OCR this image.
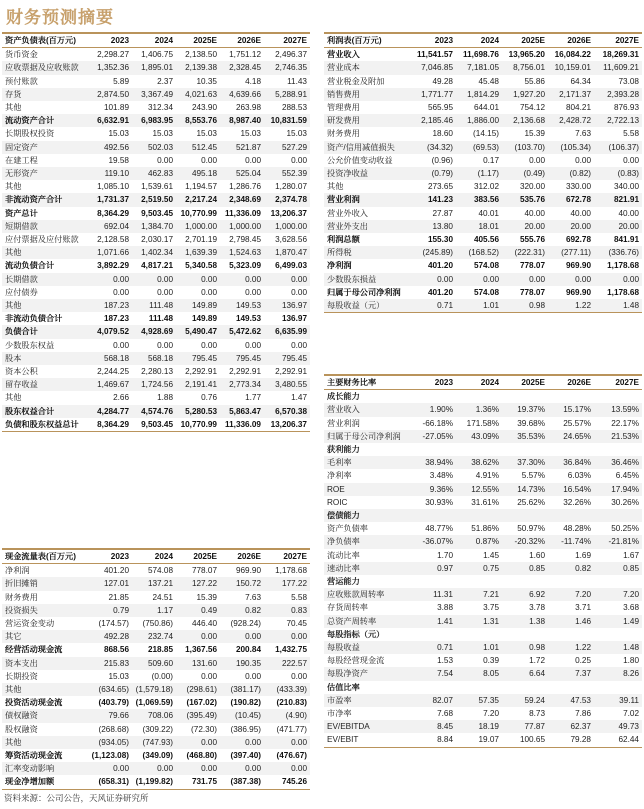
财务预测摘要
资产负债表(百万元)	2023	2024	2025E	2026E	2027E
货币资金	2,298.27	1,406.75	2,138.50	1,751.12	2,496.37
应收票据及应收账款	1,352.36	1,895.01	2,139.38	2,328.45	2,746.35
预付账款	5.89	2.37	10.35	4.18	11.43
存货	2,874.50	3,367.49	4,021.63	4,639.66	5,288.91
其他	101.89	312.34	243.90	263.98	288.53
流动资产合计	6,632.91	6,983.95	8,553.76	8,987.40	10,831.59
长期股权投资	15.03	15.03	15.03	15.03	15.03
固定资产	492.56	502.03	512.45	521.87	527.29
在建工程	19.58	0.00	0.00	0.00	0.00
无形资产	119.10	462.83	495.18	525.04	552.39
其他	1,085.10	1,539.61	1,194.57	1,286.76	1,280.07
非流动资产合计	1,731.37	2,519.50	2,217.24	2,348.69	2,374.78
资产总计	8,364.29	9,503.45	10,770.99	11,336.09	13,206.37
短期借款	692.04	1,384.70	1,000.00	1,000.00	1,000.00
应付票据及应付账款	2,128.58	2,030.17	2,701.19	2,798.45	3,628.56
其他	1,071.66	1,402.34	1,639.39	1,524.63	1,870.47
流动负债合计	3,892.29	4,817.21	5,340.58	5,323.09	6,499.03
长期借款	0.00	0.00	0.00	0.00	0.00
应付债券	0.00	0.00	0.00	0.00	0.00
其他	187.23	111.48	149.89	149.53	136.97
非流动负债合计	187.23	111.48	149.89	149.53	136.97
负债合计	4,079.52	4,928.69	5,490.47	5,472.62	6,635.99
少数股东权益	0.00	0.00	0.00	0.00	0.00
股本	568.18	568.18	795.45	795.45	795.45
资本公积	2,244.25	2,280.13	2,292.91	2,292.91	2,292.91
留存收益	1,469.67	1,724.56	2,191.41	2,773.34	3,480.55
其他	2.66	1.88	0.76	1.77	1.47
股东权益合计	4,284.77	4,574.76	5,280.53	5,863.47	6,570.38
负债和股东权益总计	8,364.29	9,503.45	10,770.99	11,336.09	13,206.37
利润表(百万元)	2023	2024	2025E	2026E	2027E
营业收入	11,541.57	11,698.76	13,965.20	16,084.22	18,269.31
营业成本	7,046.85	7,181.05	8,756.01	10,159.01	11,609.21
营业税金及附加	49.28	45.48	55.86	64.34	73.08
销售费用	1,771.77	1,814.29	1,927.20	2,171.37	2,393.28
管理费用	565.95	644.01	754.12	804.21	876.93
研发费用	2,185.46	1,886.00	2,136.68	2,428.72	2,722.13
财务费用	18.60	(14.15)	15.39	7.63	5.58
资产/信用减值损失	(34.32)	(69.53)	(103.70)	(105.34)	(106.37)
公允价值变动收益	(0.96)	0.17	0.00	0.00	0.00
投资净收益	(0.79)	(1.17)	(0.49)	(0.82)	(0.83)
其他	273.65	312.02	320.00	330.00	340.00
营业利润	141.23	383.56	535.76	672.78	821.91
营业外收入	27.87	40.01	40.00	40.00	40.00
营业外支出	13.80	18.01	20.00	20.00	20.00
利润总额	155.30	405.56	555.76	692.78	841.91
所得税	(245.89)	(168.52)	(222.31)	(277.11)	(336.76)
净利润	401.20	574.08	778.07	969.90	1,178.68
少数股东损益	0.00	0.00	0.00	0.00	0.00
归属于母公司净利润	401.20	574.08	778.07	969.90	1,178.68
每股收益（元）	0.71	1.01	0.98	1.22	1.48
主要财务比率	2023	2024	2025E	2026E	2027E
成长能力					
营业收入	1.90%	1.36%	19.37%	15.17%	13.59%
营业利润	-66.18%	171.58%	39.68%	25.57%	22.17%
归属于母公司净利润	-27.05%	43.09%	35.53%	24.65%	21.53%
获利能力					
毛利率	38.94%	38.62%	37.30%	36.84%	36.46%
净利率	3.48%	4.91%	5.57%	6.03%	6.45%
ROE	9.36%	12.55%	14.73%	16.54%	17.94%
ROIC	30.93%	31.61%	25.62%	32.26%	30.26%
偿债能力					
资产负债率	48.77%	51.86%	50.97%	48.28%	50.25%
净负债率	-36.07%	0.87%	-20.32%	-11.74%	-21.81%
流动比率	1.70	1.45	1.60	1.69	1.67
速动比率	0.97	0.75	0.85	0.82	0.85
营运能力					
应收账款周转率	11.31	7.21	6.92	7.20	7.20
存货周转率	3.88	3.75	3.78	3.71	3.68
总资产周转率	1.41	1.31	1.38	1.46	1.49
每股指标（元）					
每股收益	0.71	1.01	0.98	1.22	1.48
每股经营现金流	1.53	0.39	1.72	0.25	1.80
每股净资产	7.54	8.05	6.64	7.37	8.26
估值比率					
市盈率	82.07	57.35	59.24	47.53	39.11
市净率	7.68	7.20	8.73	7.86	7.02
EV/EBITDA	8.45	18.19	77.87	62.37	49.73
EV/EBIT	8.84	19.07	100.65	79.28	62.44
现金流量表(百万元)	2023	2024	2025E	2026E	2027E
净利润	401.20	574.08	778.07	969.90	1,178.68
折旧摊销	127.01	137.21	127.22	150.72	177.22
财务费用	21.85	24.51	15.39	7.63	5.58
投资损失	0.79	1.17	0.49	0.82	0.83
营运资金变动	(174.57)	(750.86)	446.40	(928.24)	70.45
其它	492.28	232.74	0.00	0.00	0.00
经营活动现金流	868.56	218.85	1,367.56	200.84	1,432.75
资本支出	215.83	509.60	131.60	190.35	222.57
长期投资	15.03	(0.00)	0.00	0.00	0.00
其他	(634.65)	(1,579.18)	(298.61)	(381.17)	(433.39)
投资活动现金流	(403.79)	(1,069.59)	(167.02)	(190.82)	(210.83)
债权融资	79.66	708.06	(395.49)	(10.45)	(4.90)
股权融资	(268.68)	(309.22)	(72.30)	(386.95)	(471.77)
其他	(934.05)	(747.93)	0.00	0.00	0.00
筹资活动现金流	(1,123.08)	(349.09)	(468.80)	(397.40)	(476.67)
汇率变动影响	0.00	0.00	0.00	0.00	0.00
现金净增加额	(658.31)	(1,199.82)	731.75	(387.38)	745.26
资料来源：公司公告，天风证券研究所
